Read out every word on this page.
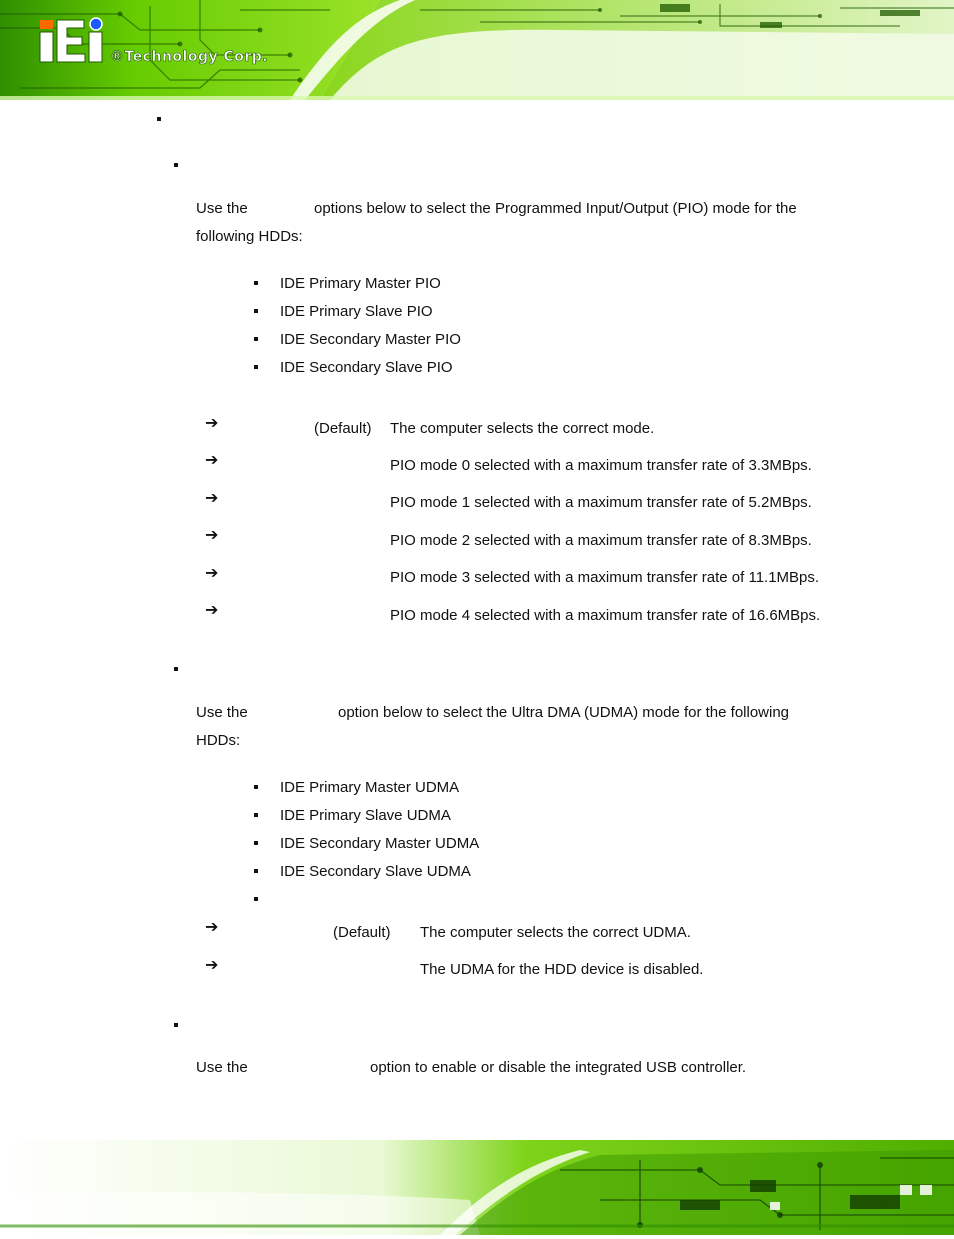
®Technology Corp.
Use the	options below to select the Programmed Input/Output (PIO) mode for the
following HDDs:
IDE Primary Master PIO
IDE Primary Slave PIO
IDE Secondary Master PIO
IDE Secondary Slave PIO
➔	(Default) The computer selects the correct mode.
➔	PIO mode 0 selected with a maximum transfer rate of 3.3MBps.
➔	PIO mode 1 selected with a maximum transfer rate of 5.2MBps.
➔	PIO mode 2 selected with a maximum transfer rate of 8.3MBps.
➔	PIO mode 3 selected with a maximum transfer rate of 11.1MBps.
➔	PIO mode 4 selected with a maximum transfer rate of 16.6MBps.
Use the	option below to select the Ultra DMA (UDMA) mode for the following
HDDs:
IDE Primary Master UDMA
IDE Primary Slave UDMA
IDE Secondary Master UDMA
IDE Secondary Slave UDMA
➔	(Default) The computer selects the correct UDMA.
➔	The UDMA for the HDD device is disabled.
Use the	option to enable or disable the integrated USB controller.
